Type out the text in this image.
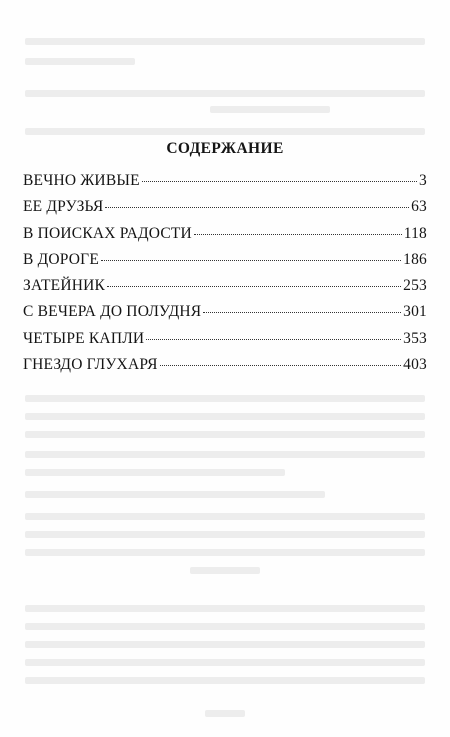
СОДЕРЖАНИЕ
ВЕЧНО ЖИВЫЕ	3
ЕЕ ДРУЗЬЯ	63
В ПОИСКАХ РАДОСТИ	118
В ДОРОГЕ	186
ЗАТЕЙНИК	253
С ВЕЧЕРА ДО ПОЛУДНЯ	301
ЧЕТЫРЕ КАПЛИ	353
ГНЕЗДО ГЛУХАРЯ	403
